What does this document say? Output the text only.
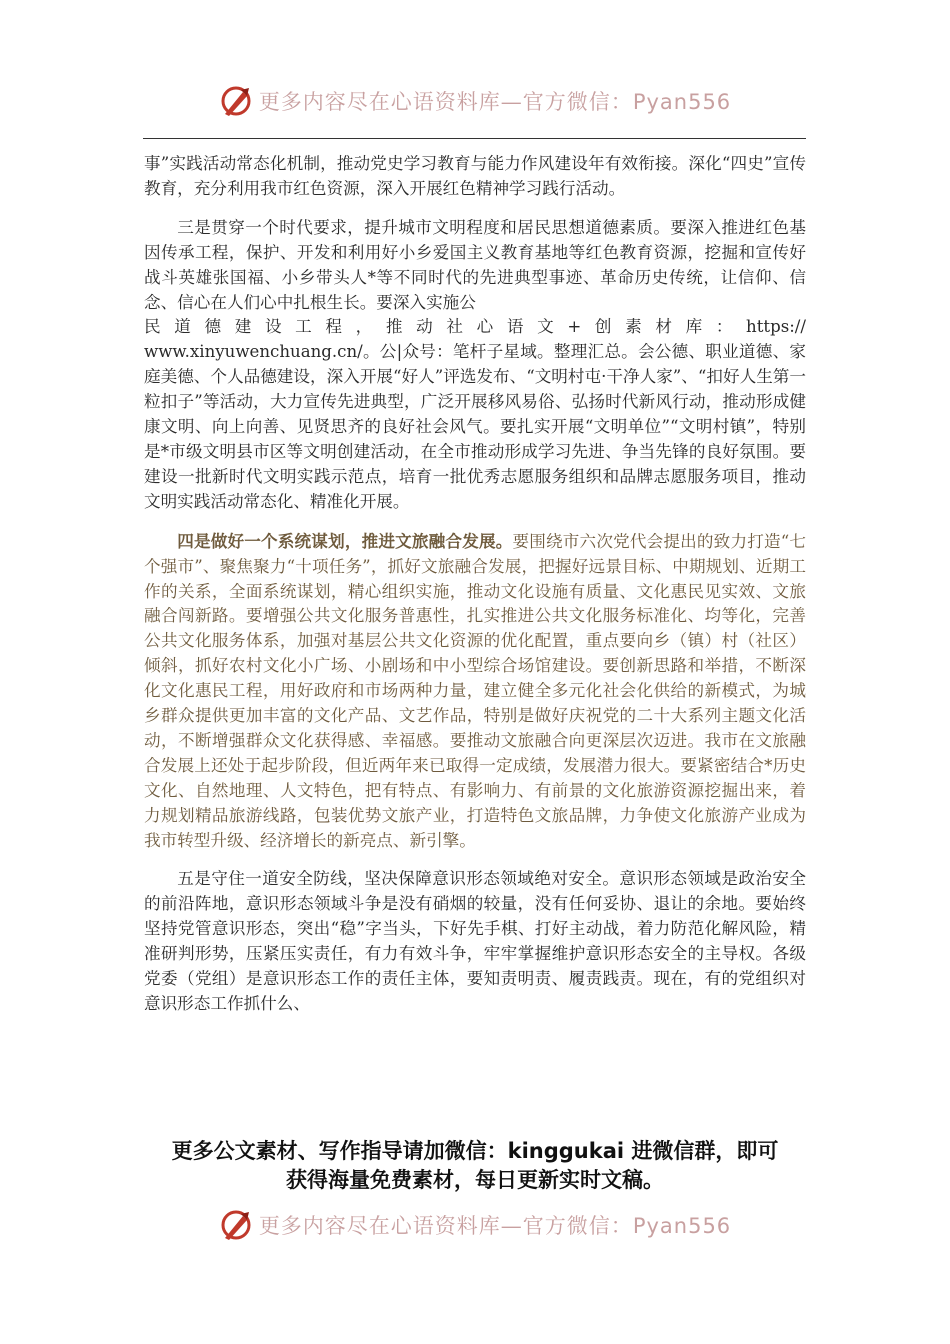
更多内容尽在心语资料库—官方微信：Pyan556

事”实践活动常态化机制，推动党史学习教育与能力作风建设年有效衔接。深化“四史”宣传教育，充分利用我市红色资源，深入开展红色精神学习践行活动。

三是贯穿一个时代要求，提升城市文明程度和居民思想道德素质。要深入推进红色基因传承工程，保护、开发和利用好小乡爱国主义教育基地等红色教育资源，挖掘和宣传好战斗英雄张国福、小乡带头人*等不同时代的先进典型事迹、革命历史传统，让信仰、信念、信心在人们心中扎根生长。要深入实施公
民道德建设工程，推动社心语文+创素材库：https://
www.xinyuwenchuang.cn/。公|众号：笔杆子星域。整理汇总。会公德、职业道德、家庭美德、个人品德建设，深入开展“好人”评选发布、“文明村屯·干净人家”、“扣好人生第一粒扣子”等活动，大力宣传先进典型，广泛开展移风易俗、弘扬时代新风行动，推动形成健康文明、向上向善、见贤思齐的良好社会风气。要扎实开展“文明单位”“文明村镇”，特别是*市级文明县市区等文明创建活动，在全市推动形成学习先进、争当先锋的良好氛围。要建设一批新时代文明实践示范点，培育一批优秀志愿服务组织和品牌志愿服务项目，推动文明实践活动常态化、精准化开展。

四是做好一个系统谋划，推进文旅融合发展。要围绕市六次党代会提出的致力打造“七个强市”、聚焦聚力“十项任务”，抓好文旅融合发展，把握好远景目标、中期规划、近期工作的关系，全面系统谋划，精心组织实施，推动文化设施有质量、文化惠民见实效、文旅融合闯新路。要增强公共文化服务普惠性，扎实推进公共文化服务标准化、均等化，完善公共文化服务体系，加强对基层公共文化资源的优化配置，重点要向乡（镇）村（社区）倾斜，抓好农村文化小广场、小剧场和中小型综合场馆建设。要创新思路和举措，不断深化文化惠民工程，用好政府和市场两种力量，建立健全多元化社会化供给的新模式，为城乡群众提供更加丰富的文化产品、文艺作品，特别是做好庆祝党的二十大系列主题文化活动，不断增强群众文化获得感、幸福感。要推动文旅融合向更深层次迈进。我市在文旅融合发展上还处于起步阶段，但近两年来已取得一定成绩，发展潜力很大。要紧密结合*历史文化、自然地理、人文特色，把有特点、有影响力、有前景的文化旅游资源挖掘出来，着力规划精品旅游线路，包装优势文旅产业，打造特色文旅品牌，力争使文化旅游产业成为我市转型升级、经济增长的新亮点、新引擎。

五是守住一道安全防线，坚决保障意识形态领域绝对安全。意识形态领域是政治安全的前沿阵地，意识形态领域斗争是没有硝烟的较量，没有任何妥协、退让的余地。要始终坚持党管意识形态，突出“稳”字当头，下好先手棋、打好主动战，着力防范化解风险，精准研判形势，压紧压实责任，有力有效斗争，牢牢掌握维护意识形态安全的主导权。各级党委（党组）是意识形态工作的责任主体，要知责明责、履责践责。现在，有的党组织对意识形态工作抓什么、

更多公文素材、写作指导请加微信：kinggukai 进微信群，即可
获得海量免费素材，每日更新实时文稿。
更多内容尽在心语资料库—官方微信：Pyan556
